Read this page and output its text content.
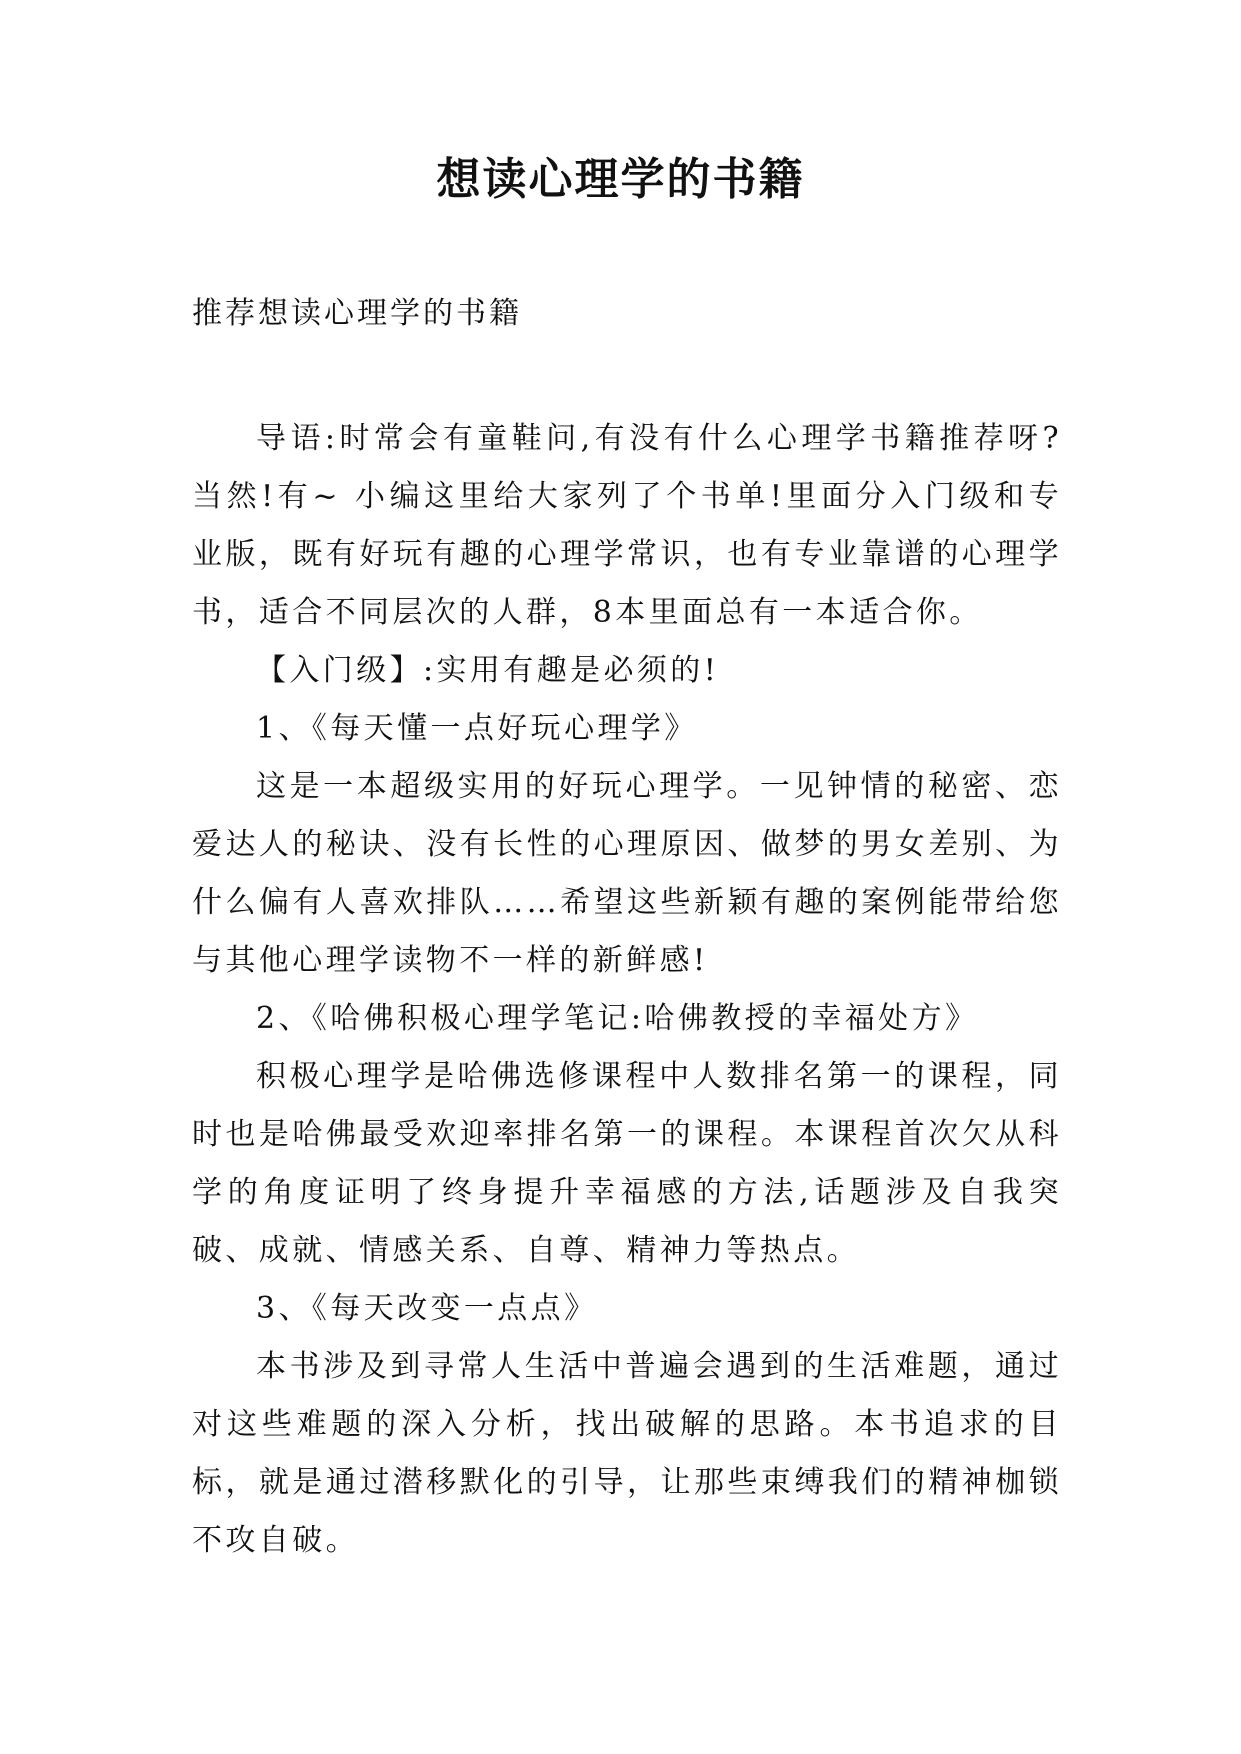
想读心理学的书籍
推荐想读心理学的书籍

导语:时常会有童鞋问,有没有什么心理学书籍推荐呀?当然!有~ 小编这里给大家列了个书单!里面分入门级和专业版，既有好玩有趣的心理学常识，也有专业靠谱的心理学书，适合不同层次的人群，8本里面总有一本适合你。

【入门级】:实用有趣是必须的!

1、《每天懂一点好玩心理学》

这是一本超级实用的好玩心理学。一见钟情的秘密、恋爱达人的秘诀、没有长性的心理原因、做梦的男女差别、为什么偏有人喜欢排队……希望这些新颖有趣的案例能带给您与其他心理学读物不一样的新鲜感!

2、《哈佛积极心理学笔记:哈佛教授的幸福处方》

积极心理学是哈佛选修课程中人数排名第一的课程，同时也是哈佛最受欢迎率排名第一的课程。本课程首次欠从科学的角度证明了终身提升幸福感的方法,话题涉及自我突破、成就、情感关系、自尊、精神力等热点。

3、《每天改变一点点》

本书涉及到寻常人生活中普遍会遇到的生活难题，通过对这些难题的深入分析，找出破解的思路。本书追求的目标，就是通过潜移默化的引导，让那些束缚我们的精神枷锁不攻自破。
